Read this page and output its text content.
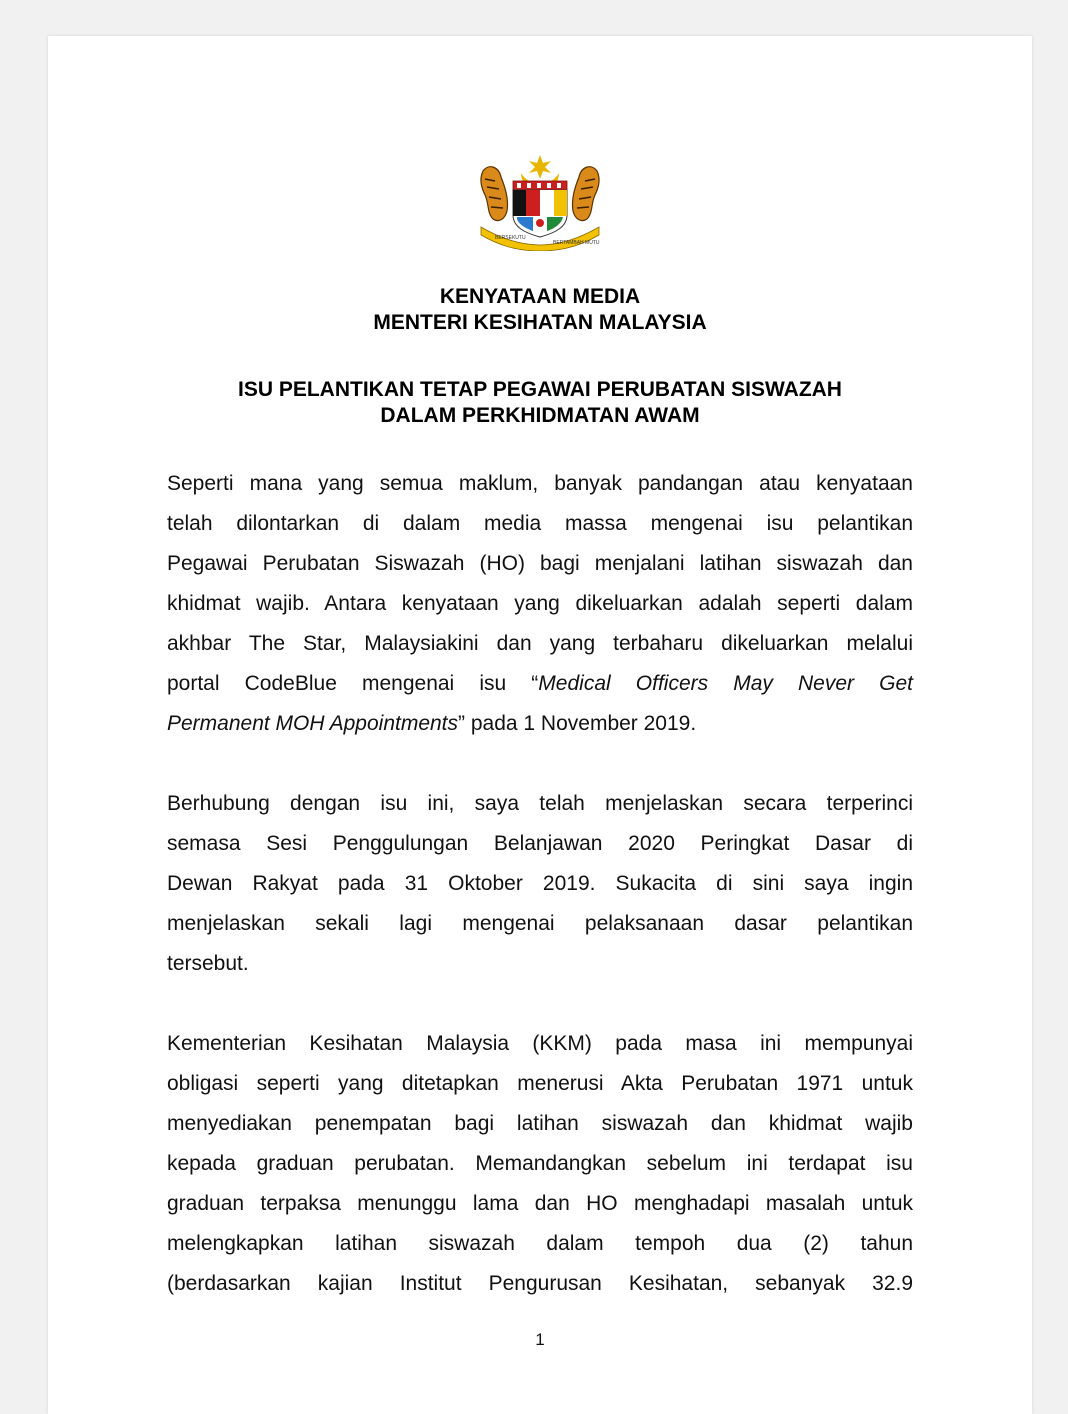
BERSEKUTU
BERTAMBAH MUTU
KENYATAAN MEDIA
MENTERI KESIHATAN MALAYSIA
ISU PELANTIKAN TETAP PEGAWAI PERUBATAN SISWAZAH
DALAM PERKHIDMATAN AWAM
Seperti mana yang semua maklum, banyak pandangan atau kenyataan
telah dilontarkan di dalam media massa mengenai isu pelantikan
Pegawai Perubatan Siswazah (HO) bagi menjalani latihan siswazah dan
khidmat wajib. Antara kenyataan yang dikeluarkan adalah seperti dalam
akhbar The Star, Malaysiakini dan yang terbaharu dikeluarkan melalui
portal CodeBlue mengenai isu “Medical Officers May Never Get
Permanent MOH Appointments” pada 1 November 2019.
Berhubung dengan isu ini, saya telah menjelaskan secara terperinci
semasa Sesi Penggulungan Belanjawan 2020 Peringkat Dasar di
Dewan Rakyat pada 31 Oktober 2019. Sukacita di sini saya ingin
menjelaskan sekali lagi mengenai pelaksanaan dasar pelantikan
tersebut.
Kementerian Kesihatan Malaysia (KKM) pada masa ini mempunyai
obligasi seperti yang ditetapkan menerusi Akta Perubatan 1971 untuk
menyediakan penempatan bagi latihan siswazah dan khidmat wajib
kepada graduan perubatan. Memandangkan sebelum ini terdapat isu
graduan terpaksa menunggu lama dan HO menghadapi masalah untuk
melengkapkan latihan siswazah dalam tempoh dua (2) tahun
(berdasarkan kajian Institut Pengurusan Kesihatan, sebanyak 32.9
1
